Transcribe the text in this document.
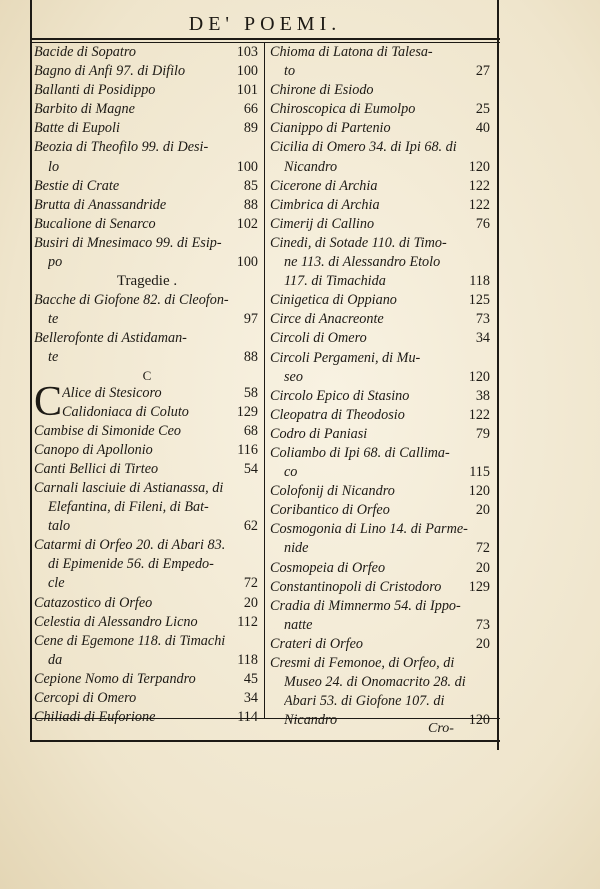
DE' POEMI.
Bacide di Sopatro	103
Bagno di Anfi 97. di Difilo	100
Ballanti di Posidippo	101
Barbito di Magne	66
Batte di Eupoli	89
Beozia di Theofilo 99. di Desi-
lo	100
Bestie di Crate	85
Brutta di Anassandride	88
Bucalione di Senarco	102
Busiri di Mnesimaco 99. di Esip-
po	100
Tragedie .
Bacche di Giofone 82. di Cleofon-
te	97
Bellerofonte di Astidaman-
te	88
C
C Alice di Stesicoro	58
Calidoniaca di Coluto	129
Cambise di Simonide Ceo	68
Canopo di Apollonio	116
Canti Bellici di Tirteo	54
Carnali lasciuie di Astianassa, di
Elefantina, di Fileni, di Bat-
talo	62
Catarmi di Orfeo 20. di Abari 83.
di Epimenide 56. di Empedo-
cle	72
Catazostico di Orfeo	20
Celestia di Alessandro Licno	112
Cene di Egemone 118. di Timachi
da	118
Cepione Nomo di Terpandro	45
Cercopi di Omero	34
Chiliadi di Euforione	114
Chioma di Latona di Talesa-
to	27
Chirone di Esiodo
Chiroscopica di Eumolpo	25
Cianippo di Partenio	40
Cicilia di Omero 34. di Ipi 68. di
Nicandro	120
Cicerone di Archia	122
Cimbrica di Archia	122
Cimerij di Callino	76
Cinedi, di Sotade 110. di Timo-
ne 113. di Alessandro Etolo
117. di Timachida	118
Cinigetica di Oppiano	125
Circe di Anacreonte	73
Circoli di Omero	34
Circoli Pergameni, di Mu-
seo	120
Circolo Epico di Stasino	38
Cleopatra di Theodosio	122
Codro di Paniasi	79
Coliambo di Ipi 68. di Callima-
co	115
Colofonij di Nicandro	120
Coribantico di Orfeo	20
Cosmogonia di Lino 14. di Parme-
nide	72
Cosmopeia di Orfeo	20
Constantinopoli di Cristodoro	129
Cradia di Mimnermo 54. di Ippo-
natte	73
Crateri di Orfeo	20
Cresmi di Femonoe, di Orfeo, di
Museo 24. di Onomacrito 28. di
Abari 53. di Giofone 107. di
Nicandro	120
Cro-
